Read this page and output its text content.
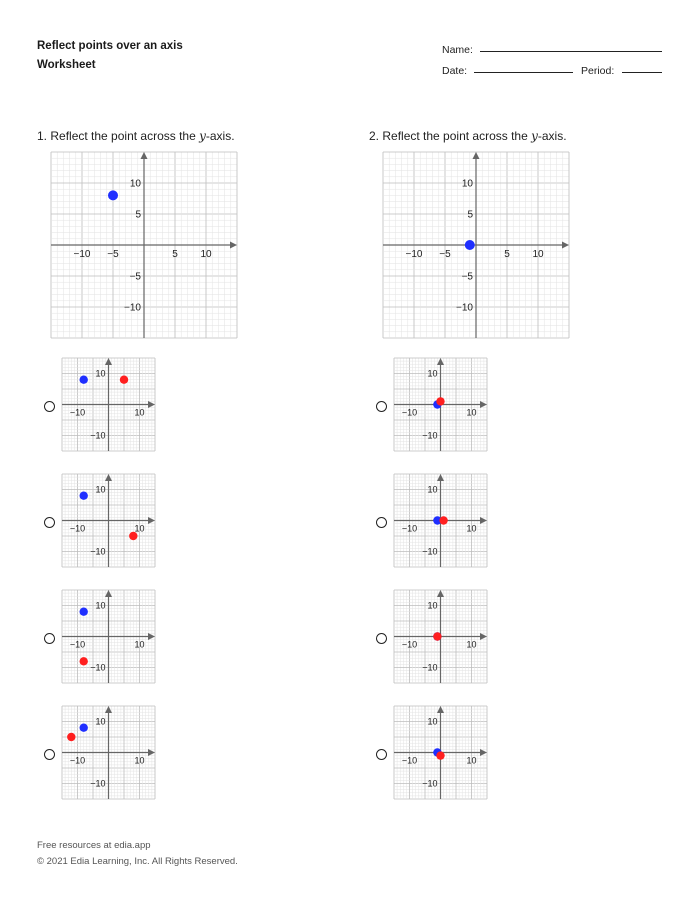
Reflect points over an axis
Worksheet
Name:
Date:	Period:
1. Reflect the point across the y-axis.	2. Reflect the point across the y-axis.
−10 −5	5 10
10
5
−5
−10
−10 −5	5 10
10
5
−5
−10
10
10
−10
−10
10
10
−10
−10
10
10
−10
−10
10
10
−10
−10
10
10
−10
−10
10
10
−10
−10
10
10
−10
−10
10
10
−10
−10
Free resources at edia.app
© 2021 Edia Learning, Inc. All Rights Reserved.
